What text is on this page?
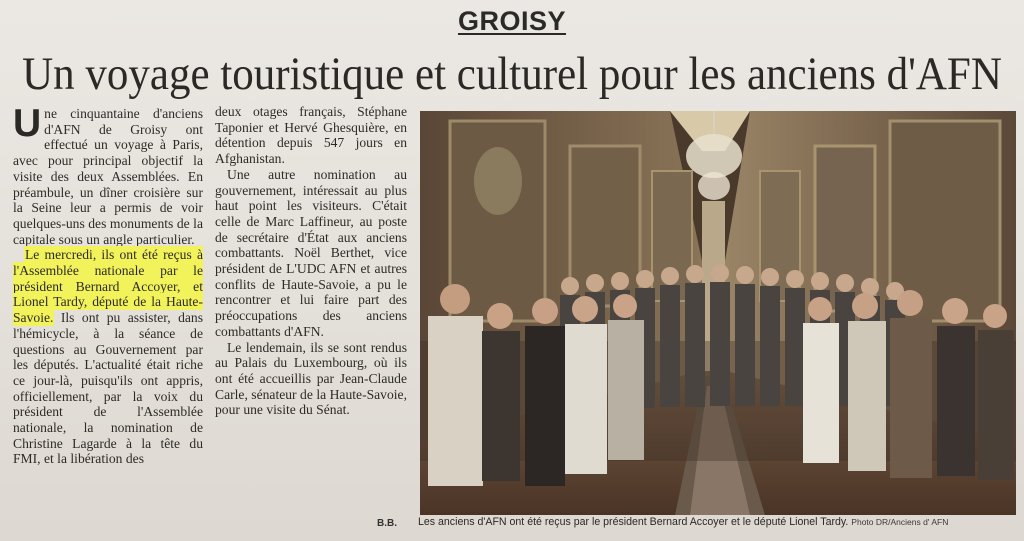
GROISY
Un voyage touristique et culturel pour les anciens d'AFN

Une cinquantaine d'anciens d'AFN de Groisy ont effectué un voyage à Paris, avec pour principal objectif la visite des deux Assemblées. En préambule, un dîner croisière sur la Seine leur a permis de voir quelques-uns des monuments de la capitale sous un angle particulier.

Le mercredi, ils ont été reçus à l'Assemblée nationale par le président Bernard Accoyer, et Lionel Tardy, député de la Haute-Savoie. Ils ont pu assister, dans l'hémicycle, à la séance de questions au Gouvernement par les députés. L'actualité était riche ce jour-là, puisqu'ils ont appris, officiellement, par la voix du président de l'Assemblée nationale, la nomination de Christine Lagarde à la tête du FMI, et la libération des

deux otages français, Stéphane Taponier et Hervé Ghesquière, en détention depuis 547 jours en Afghanistan.

Une autre nomination au gouvernement, intéressait au plus haut point les visiteurs. C'était celle de Marc Laffineur, au poste de secrétaire d'État aux anciens combattants. Noël Berthet, vice président de L'UDC AFN et autres conflits de Haute-Savoie, a pu le rencontrer et lui faire part des préoccupations des anciens combattants d'AFN.

Le lendemain, ils se sont rendus au Palais du Luxembourg, où ils ont été accueillis par Jean-Claude Carle, sénateur de la Haute-Savoie, pour une visite du Sénat.

B.B. Les anciens d'AFN ont été reçus par le président Bernard Accoyer et le député Lionel Tardy. Photo DR/Anciens d' AFN
